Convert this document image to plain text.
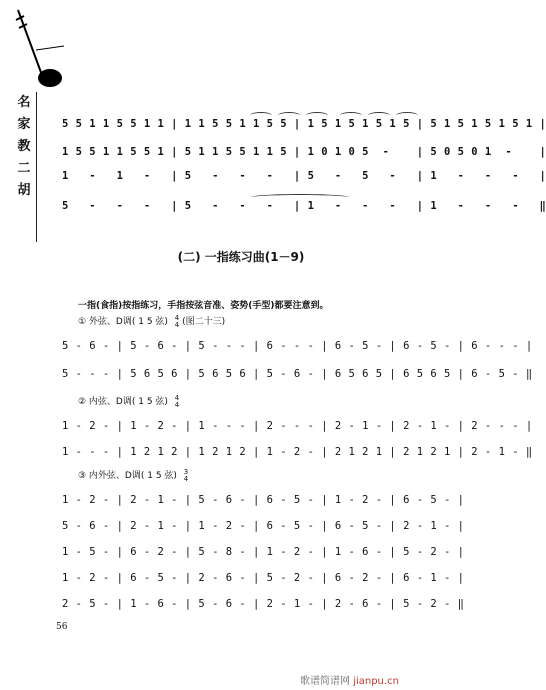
名
家
教
二
胡
5 5 1 1 5 5 1 1 | 1 1 5 5 1 1 5 5 | 1 5 1 5 1 5 1 5 | 5 1 5 1 5 1 5 1 |
1 5 5 1 1 5 5 1 | 5 1 1 5 5 1 1 5 | 1 0 1 0 5  -    | 5 0 5 0 1  -    |
1   -   1   -   | 5   -   -   -   | 5   -   5   -   | 1   -   -   -   |
5   -   -   -   | 5   -   -   -   | 1   -   -   -   | 1   -   -   -   ‖
(二) 一指练习曲(1－9)
一指(食指)按指练习，手指按弦音准、姿势(手型)都要注意到。
① 外弦、D调( 1 5 弦) 4
4 (图二十三)
5 - 6 - | 5 - 6 - | 5 - - - | 6 - - - | 6 - 5 - | 6 - 5 - | 6 - - - |
5 - - - | 5 6 5 6 | 5 6 5 6 | 5 - 6 - | 6 5 6 5 | 6 5 6 5 | 6 - 5 - ‖
② 内弦、D调( 1 5 弦) 4
4
1 - 2 - | 1 - 2 - | 1 - - - | 2 - - - | 2 - 1 - | 2 - 1 - | 2 - - - |
1 - - - | 1 2 1 2 | 1 2 1 2 | 1 - 2 - | 2 1 2 1 | 2 1 2 1 | 2 - 1 - ‖
③ 内外弦、D调( 1 5 弦) 3
4
1 - 2 - | 2 - 1 - | 5 - 6 - | 6 - 5 - | 1 - 2 - | 6 - 5 - |
5 - 6 - | 2 - 1 - | 1 - 2 - | 6 - 5 - | 6 - 5 - | 2 - 1 - |
1 - 5 - | 6 - 2 - | 5 - 8 - | 1 - 2 - | 1 - 6 - | 5 - 2 - |
1 - 2 - | 6 - 5 - | 2 - 6 - | 5 - 2 - | 6 - 2 - | 6 - 1 - |
2 - 5 - | 1 - 6 - | 5 - 6 - | 2 - 1 - | 2 - 6 - | 5 - 2 - ‖
56
歌谱简谱网 jianpu.cn
